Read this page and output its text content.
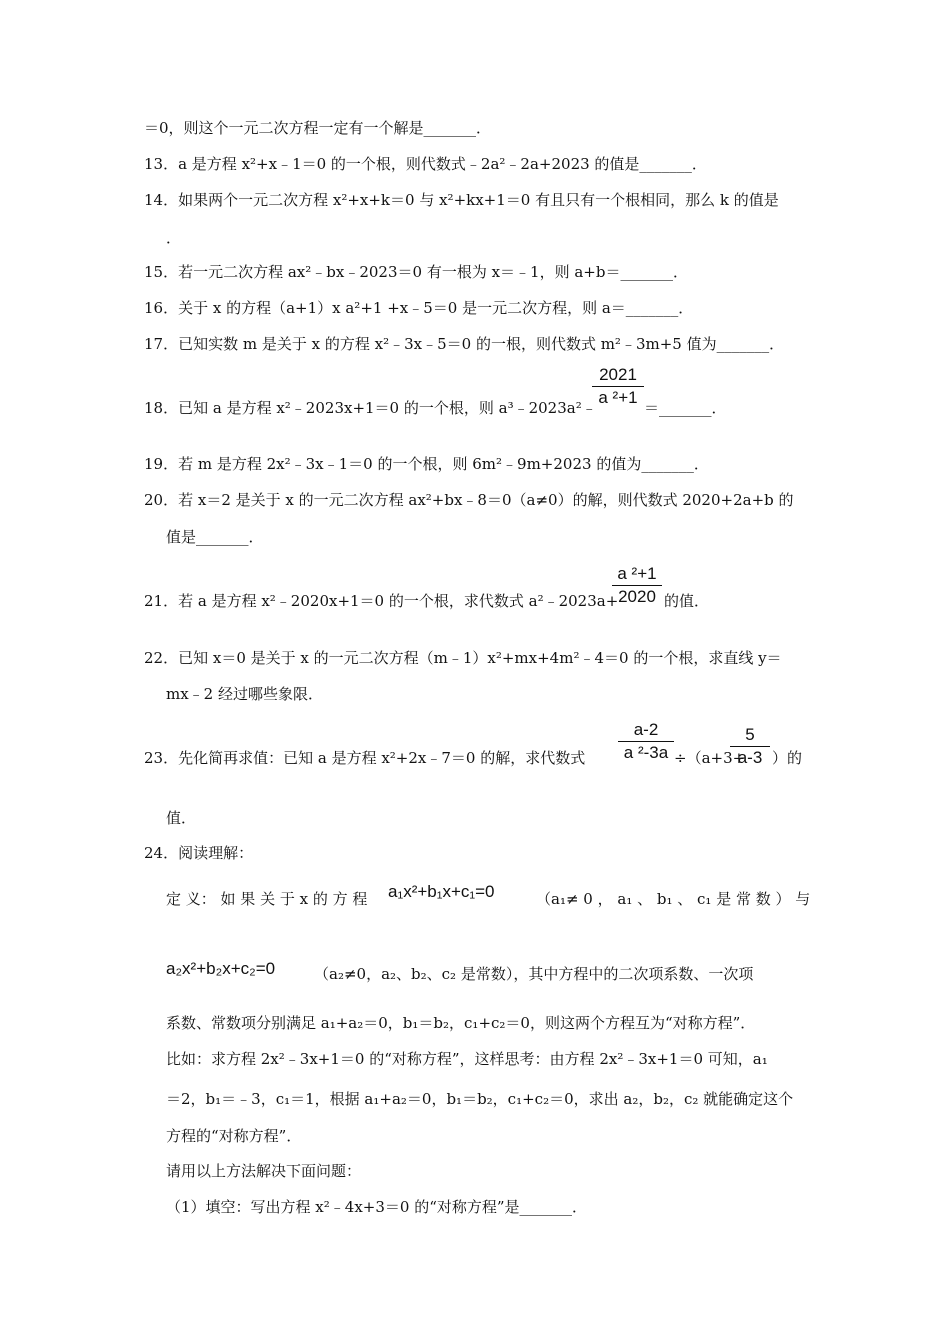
＝0，则这个一元二次方程一定有一个解是_______．
13．a 是方程 x²+x﹣1＝0 的一个根，则代数式﹣2a²﹣2a+2023 的值是_______．
14．如果两个一元二次方程 x²+x+k＝0 与 x²+kx+1＝0 有且只有一个根相同，那么 k 的值是
．
15．若一元二次方程 ax²﹣bx﹣2023＝0 有一根为 x＝﹣1，则 a+b＝_______．
16．关于 x 的方程（a+1）x a²+1 +x﹣5＝0 是一元二次方程，则 a＝_______．
17．已知实数 m 是关于 x 的方程 x²﹣3x﹣5＝0 的一根，则代数式 m²﹣3m+5 值为_______．
18．已知 a 是方程 x²﹣2023x+1＝0 的一个根，则 a³﹣2023a²﹣
2021
a ²+1
＝_______．
19．若 m 是方程 2x²﹣3x﹣1＝0 的一个根，则 6m²﹣9m+2023 的值为_______．
20．若 x＝2 是关于 x 的一元二次方程 ax²+bx﹣8＝0（a≠0）的解，则代数式 2020+2a+b 的
值是_______．
21．若 a 是方程 x²﹣2020x+1＝0 的一个根，求代数式 a²﹣2023a+
a ²+1
2020 的值．
22．已知 x＝0 是关于 x 的一元二次方程（m﹣1）x²+mx+4m²﹣4＝0 的一个根，求直线 y＝
mx﹣2 经过哪些象限．
23．先化简再求值：已知 a 是方程 x²+2x﹣7＝0 的解，求代数式
a-2
a ²-3a ÷（a+3+
5
a-3 ）的
值．
24．阅读理解：
定 义： 如 果 关 于 x 的 方 程 a₁x²+b₁x+c₁=0	（a₁≠ 0 ， a₁ 、 b₁ 、 c₁ 是 常 数 ） 与
a₂x²+b₂x+c₂=0	（a₂≠0，a₂、b₂、c₂ 是常数），其中方程中的二次项系数、一次项
系数、常数项分别满足 a₁+a₂＝0，b₁＝b₂，c₁+c₂＝0，则这两个方程互为“对称方程”．
比如：求方程 2x²﹣3x+1＝0 的“对称方程”，这样思考：由方程 2x²﹣3x+1＝0 可知，a₁
＝2，b₁＝﹣3，c₁＝1，根据 a₁+a₂＝0，b₁＝b₂，c₁+c₂＝0，求出 a₂，b₂，c₂ 就能确定这个
方程的“对称方程”．
请用以上方法解决下面问题：
（1）填空：写出方程 x²﹣4x+3＝0 的“对称方程”是_______．
